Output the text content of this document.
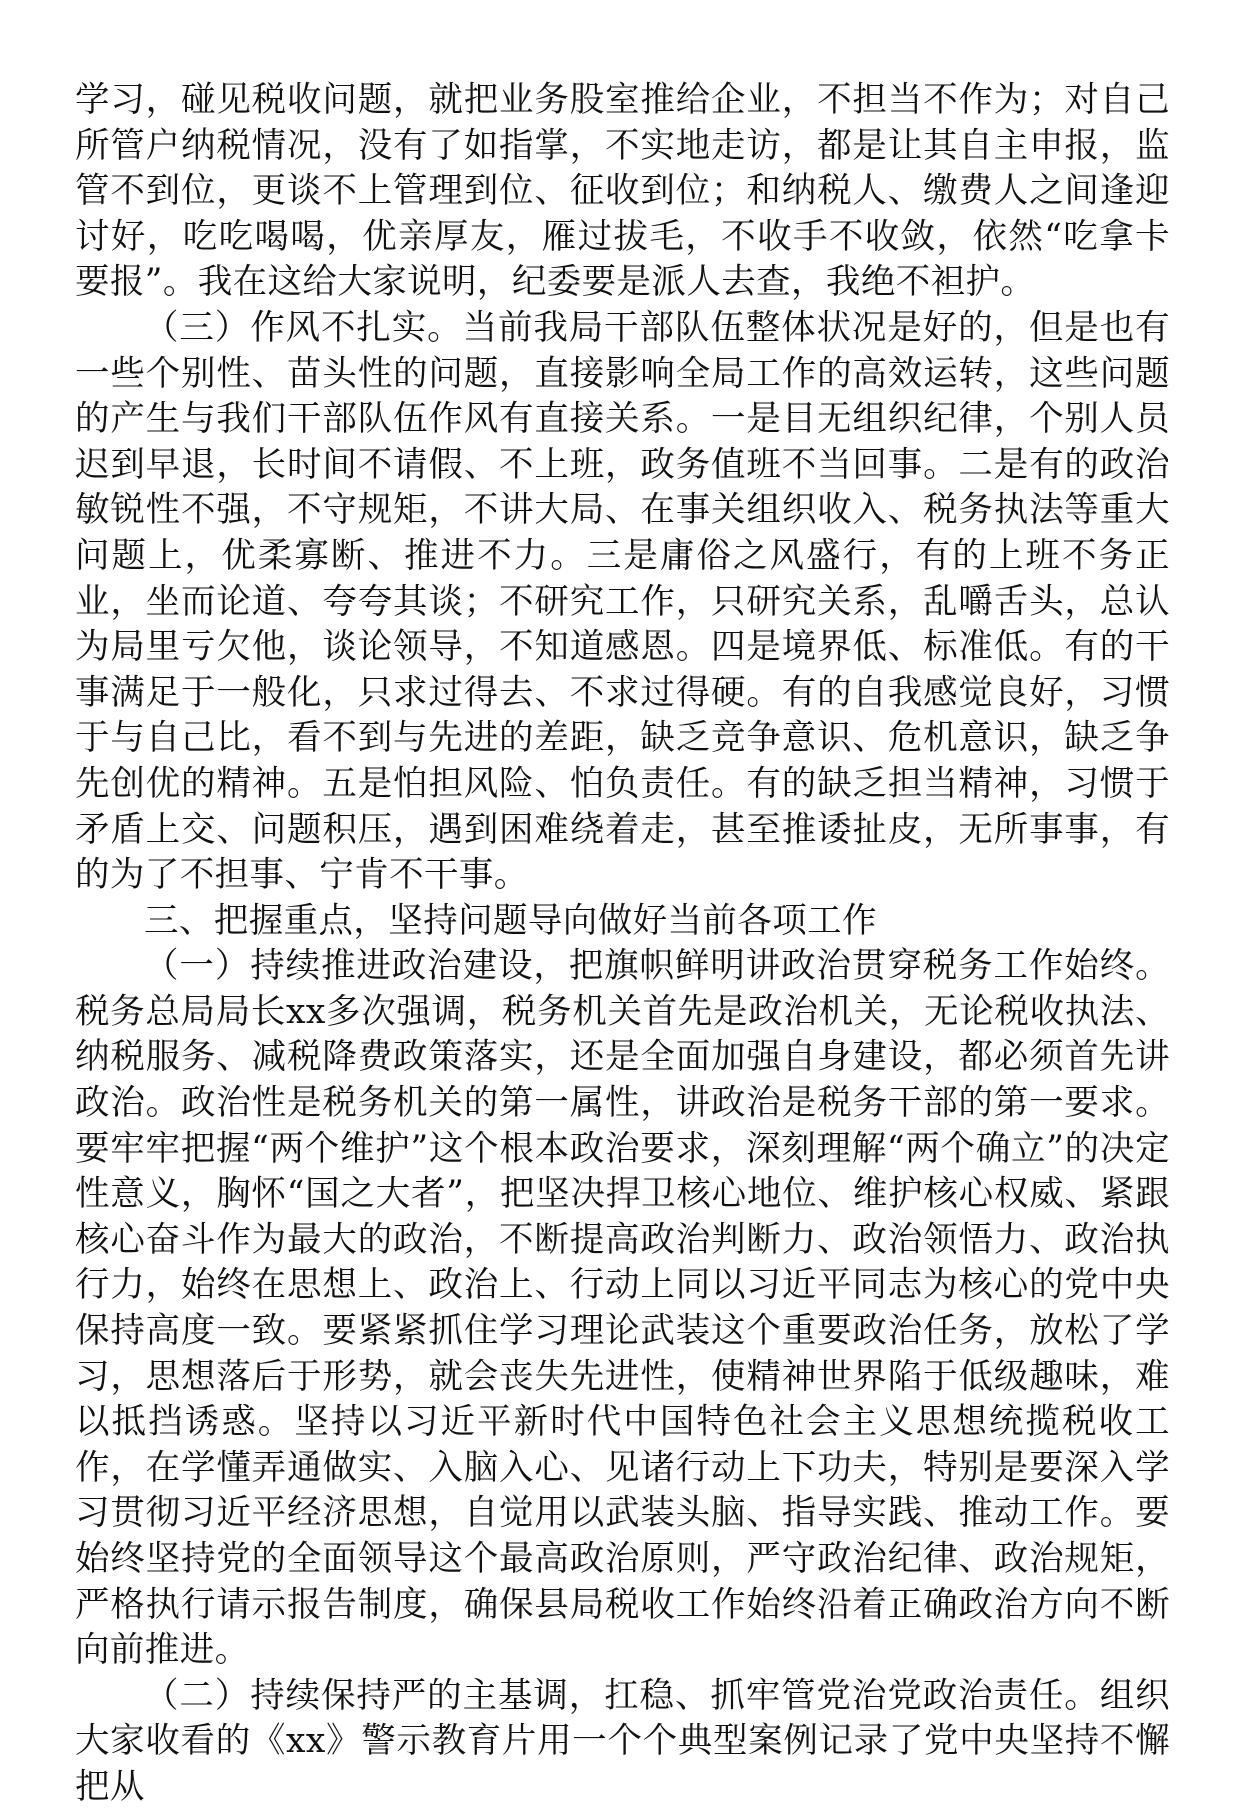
学习，碰见税收问题，就把业务股室推给企业，不担当不作为；对自己所管户纳税情况，没有了如指掌，不实地走访，都是让其自主申报，监管不到位，更谈不上管理到位、征收到位；和纳税人、缴费人之间逢迎讨好，吃吃喝喝，优亲厚友，雁过拔毛，不收手不收敛，依然“吃拿卡要报”。我在这给大家说明，纪委要是派人去查，我绝不袒护。

（三）作风不扎实。当前我局干部队伍整体状况是好的，但是也有一些个别性、苗头性的问题，直接影响全局工作的高效运转，这些问题的产生与我们干部队伍作风有直接关系。一是目无组织纪律，个别人员迟到早退，长时间不请假、不上班，政务值班不当回事。二是有的政治敏锐性不强，不守规矩，不讲大局、在事关组织收入、税务执法等重大问题上，优柔寡断、推进不力。三是庸俗之风盛行，有的上班不务正业，坐而论道、夸夸其谈；不研究工作，只研究关系，乱嚼舌头，总认为局里亏欠他，谈论领导，不知道感恩。四是境界低、标准低。有的干事满足于一般化，只求过得去、不求过得硬。有的自我感觉良好，习惯于与自己比，看不到与先进的差距，缺乏竞争意识、危机意识，缺乏争先创优的精神。五是怕担风险、怕负责任。有的缺乏担当精神，习惯于矛盾上交、问题积压，遇到困难绕着走，甚至推诿扯皮，无所事事，有的为了不担事、宁肯不干事。

三、把握重点，坚持问题导向做好当前各项工作

（一）持续推进政治建设，把旗帜鲜明讲政治贯穿税务工作始终。税务总局局长xx多次强调，税务机关首先是政治机关，无论税收执法、纳税服务、减税降费政策落实，还是全面加强自身建设，都必须首先讲政治。政治性是税务机关的第一属性，讲政治是税务干部的第一要求。要牢牢把握“两个维护”这个根本政治要求，深刻理解“两个确立”的决定性意义，胸怀“国之大者”，把坚决捍卫核心地位、维护核心权威、紧跟核心奋斗作为最大的政治，不断提高政治判断力、政治领悟力、政治执行力，始终在思想上、政治上、行动上同以习近平同志为核心的党中央保持高度一致。要紧紧抓住学习理论武装这个重要政治任务，放松了学习，思想落后于形势，就会丧失先进性，使精神世界陷于低级趣味，难以抵挡诱惑。坚持以习近平新时代中国特色社会主义思想统揽税收工作，在学懂弄通做实、入脑入心、见诸行动上下功夫，特别是要深入学习贯彻习近平经济思想，自觉用以武装头脑、指导实践、推动工作。要始终坚持党的全面领导这个最高政治原则，严守政治纪律、政治规矩，严格执行请示报告制度，确保县局税收工作始终沿着正确政治方向不断向前推进。

（二）持续保持严的主基调，扛稳、抓牢管党治党政治责任。组织大家收看的《xx》警示教育片用一个个典型案例记录了党中央坚持不懈把从
